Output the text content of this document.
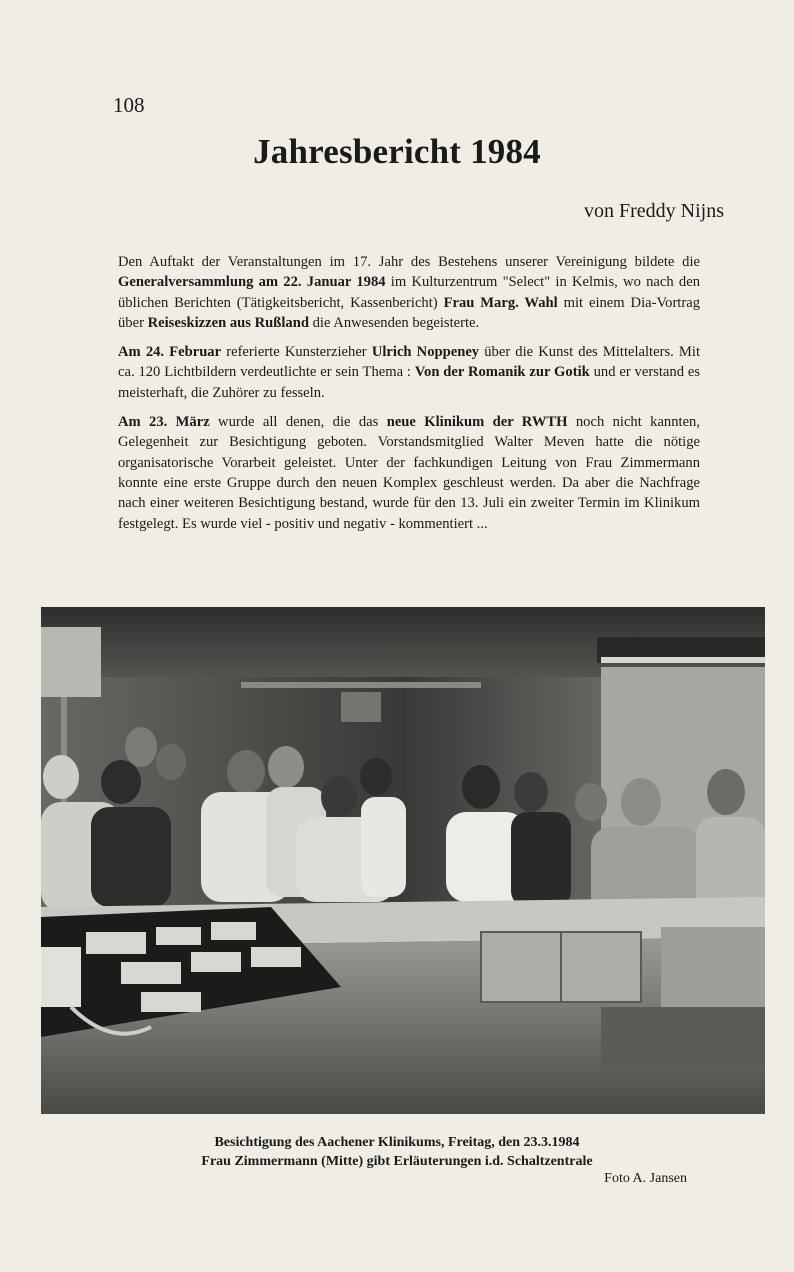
108
Jahresbericht 1984
von Freddy Nijns

Den Auftakt der Veranstaltungen im 17. Jahr des Bestehens unserer Vereinigung bildete die Generalversammlung am 22. Januar 1984 im Kulturzentrum "Select" in Kelmis, wo nach den üblichen Berichten (Tätigkeitsbericht, Kassenbericht) Frau Marg. Wahl mit einem Dia-Vortrag über Reiseskizzen aus Rußland die Anwesenden begeisterte.

Am 24. Februar referierte Kunsterzieher Ulrich Noppeney über die Kunst des Mittelalters. Mit ca. 120 Lichtbildern verdeutlichte er sein Thema : Von der Romanik zur Gotik und er verstand es meisterhaft, die Zuhörer zu fesseln.

Am 23. März wurde all denen, die das neue Klinikum der RWTH noch nicht kannten, Gelegenheit zur Besichtigung geboten. Vorstandsmitglied Walter Meven hatte die nötige organisatorische Vorarbeit geleistet. Unter der fachkundigen Leitung von Frau Zimmermann konnte eine erste Gruppe durch den neuen Komplex geschleust werden. Da aber die Nachfrage nach einer weiteren Besichtigung bestand, wurde für den 13. Juli ein zweiter Termin im Klinikum festgelegt. Es wurde viel - positiv und negativ - kommentiert ...

Besichtigung des Aachener Klinikums, Freitag, den 23.3.1984
Frau Zimmermann (Mitte) gibt Erläuterungen i.d. Schaltzentrale
Foto A. Jansen
